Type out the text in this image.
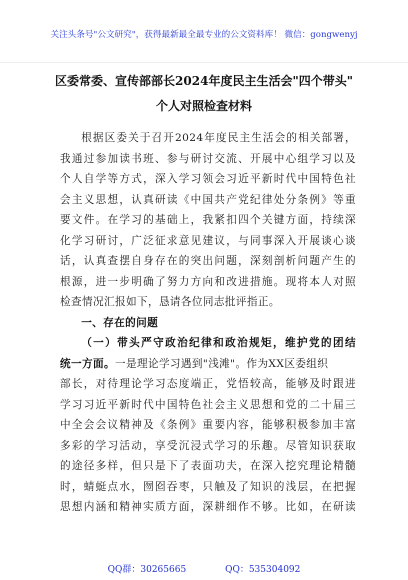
关注头条号"公文研究"，获得最新最全最专业的公文资料库！ 微信：gongwenyj
区委常委、宣传部部长2024年度民主生活会"四个带头"
个人对照检查材料
根据区委关于召开2024年度民主生活会的相关部署，
我通过参加读书班、参与研讨交流、开展中心组学习以及
个人自学等方式，深入学习领会习近平新时代中国特色社
会主义思想，认真研读《中国共产党纪律处分条例》等重
要文件。在学习的基础上，我紧扣四个关键方面，持续深
化学习研讨，广泛征求意见建议，与同事深入开展谈心谈
话，认真查摆自身存在的突出问题，深刻剖析问题产生的
根源，进一步明确了努力方向和改进措施。现将本人对照
检查情况汇报如下，恳请各位同志批评指正。
一、存在的问题
（一）带头严守政治纪律和政治规矩，维护党的团结
统一方面。一是理论学习遇到"浅滩"。作为XX区委组织
部长，对待理论学习态度端正，党悟较高，能够及时跟进
学习习近平新时代中国特色社会主义思想和党的二十届三
中全会会议精神及《条例》重要内容，能够积极参加丰富
多彩的学习活动，享受沉浸式学习的乐趣。尽管知识获取
的途径多样，但只是下了表面功夫，在深入挖究理论精髓
时，蜻蜓点水，囫囵吞枣，只触及了知识的浅层，在把握
思想内涵和精神实质方面，深耕细作不够。比如，在研读
QQ群：30265665	QQ：535304092
